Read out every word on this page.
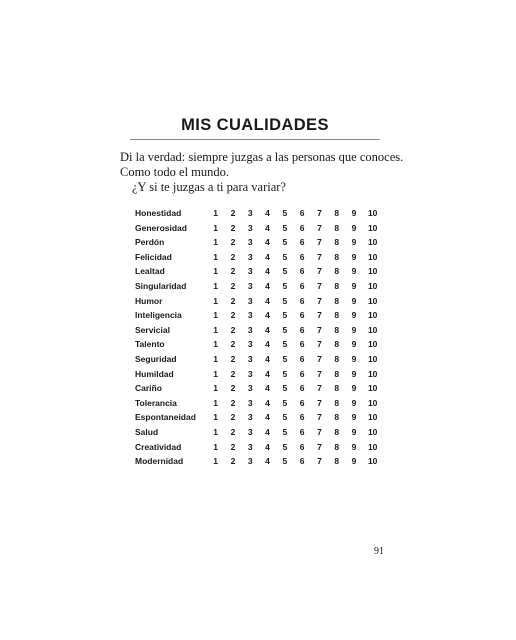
MIS CUALIDADES

Di la verdad: siempre juzgas a las personas que conoces.
Como todo el mundo.
¿Y si te juzgas a ti para variar?

Honestidad	1	2	3	4	5	6	7	8	9	10
Generosidad	1	2	3	4	5	6	7	8	9	10
Perdón	1	2	3	4	5	6	7	8	9	10
Felicidad	1	2	3	4	5	6	7	8	9	10
Lealtad	1	2	3	4	5	6	7	8	9	10
Singularidad	1	2	3	4	5	6	7	8	9	10
Humor	1	2	3	4	5	6	7	8	9	10
Inteligencia	1	2	3	4	5	6	7	8	9	10
Servicial	1	2	3	4	5	6	7	8	9	10
Talento	1	2	3	4	5	6	7	8	9	10
Seguridad	1	2	3	4	5	6	7	8	9	10
Humildad	1	2	3	4	5	6	7	8	9	10
Cariño	1	2	3	4	5	6	7	8	9	10
Tolerancia	1	2	3	4	5	6	7	8	9	10
Espontaneidad	1	2	3	4	5	6	7	8	9	10
Salud	1	2	3	4	5	6	7	8	9	10
Creatividad	1	2	3	4	5	6	7	8	9	10
Modernidad	1	2	3	4	5	6	7	8	9	10

91
